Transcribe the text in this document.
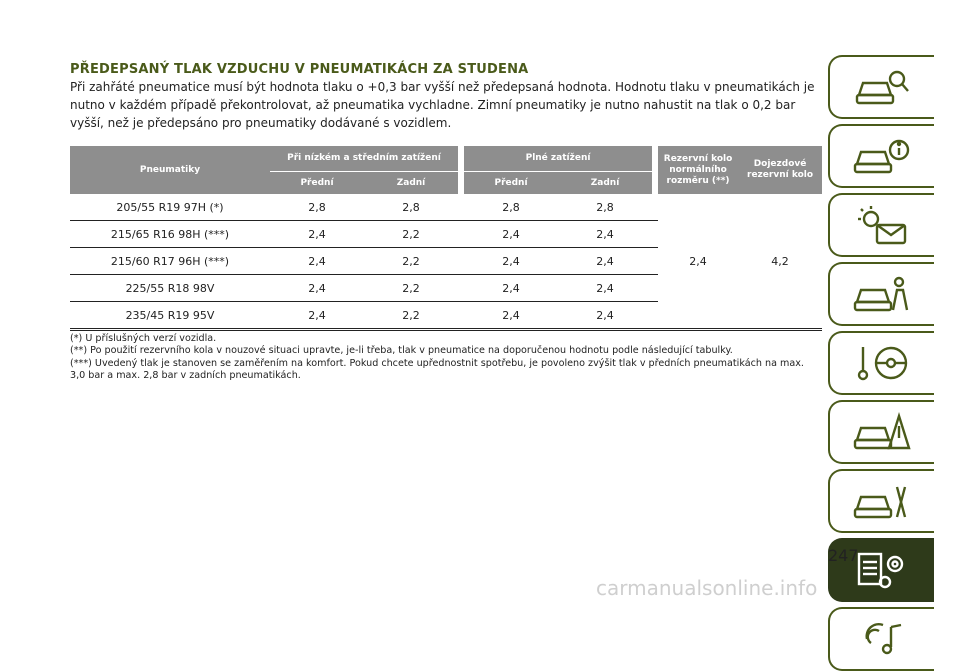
PŘEDEPSANÝ TLAK VZDUCHU V PNEUMATIKÁCH ZA STUDENA

Při zahřáté pneumatice musí být hodnota tlaku o +0,3 bar vyšší než předepsaná hodnota. Hodnotu tlaku v pneumatikách je nutno v každém případě překontrolovat, až pneumatika vychladne. Zimní pneumatiky je nutno nahustit na tlak o 0,2 bar vyšší, než je předepsáno pro pneumatiky dodávané s vozidlem.

Pneumatiky	Při nízkém a středním zatížení			Plné zatížení			Rezervní kolo normálního rozměru (**)	Dojezdové rezervní kolo
	Přední	Zadní		Přední	Zadní			
205/55 R19 97H (*)	2,8	2,8		2,8	2,8		2,4	4,2
215/65 R16 98H (***)	2,4	2,2		2,4	2,4			
215/60 R17 96H (***)	2,4	2,2		2,4	2,4			
225/55 R18 98V	2,4	2,2		2,4	2,4			
235/45 R19 95V	2,4	2,2		2,4	2,4			

(*) U příslušných verzí vozidla.

(**) Po použití rezervního kola v nouzové situaci upravte, je-li třeba, tlak v pneumatice na doporučenou hodnotu podle následující tabulky.

(***) Uvedený tlak je stanoven se zaměřením na komfort. Pokud chcete upřednostnit spotřebu, je povoleno zvýšit tlak v předních pneumatikách na max. 3,0 bar a max. 2,8 bar v zadních pneumatikách.

247
carmanualsonline.info
